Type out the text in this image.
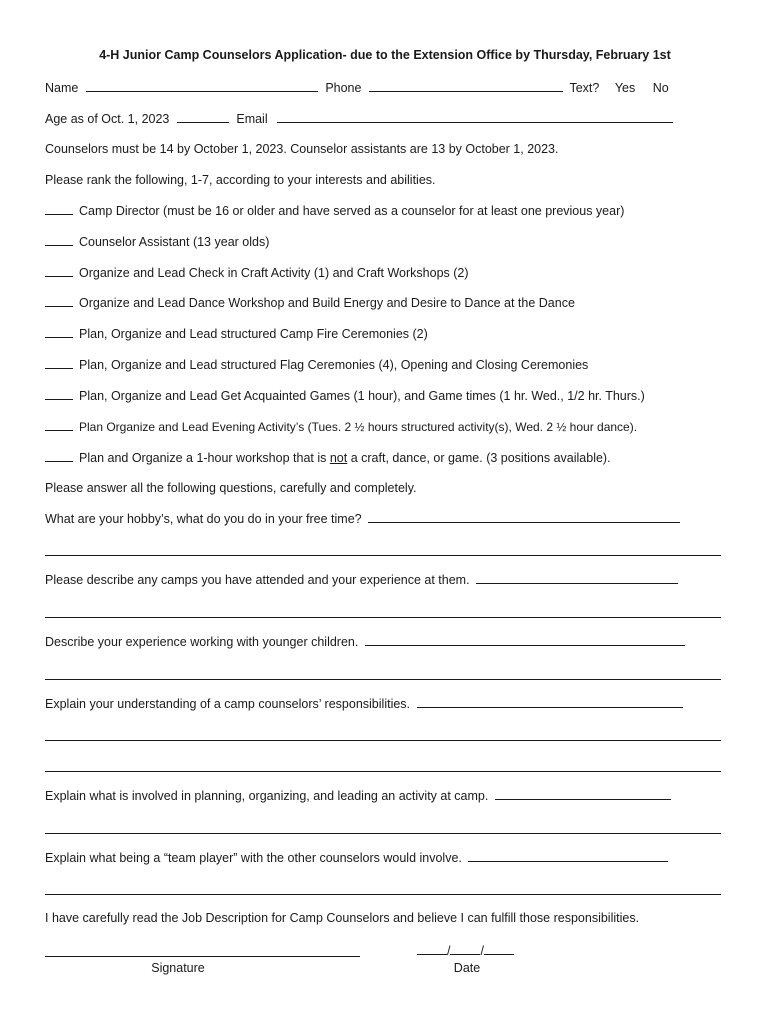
4-H Junior Camp Counselors Application- due to the Extension Office by Thursday, February 1st
Name	Phone	Text? Yes No
Age as of Oct. 1, 2023	Email
Counselors must be 14 by October 1, 2023. Counselor assistants are 13 by October 1, 2023.
Please rank the following, 1-7, according to your interests and abilities.
Camp Director (must be 16 or older and have served as a counselor for at least one previous year)
Counselor Assistant (13 year olds)
Organize and Lead Check in Craft Activity (1) and Craft Workshops (2)
Organize and Lead Dance Workshop and Build Energy and Desire to Dance at the Dance
Plan, Organize and Lead structured Camp Fire Ceremonies (2)
Plan, Organize and Lead structured Flag Ceremonies (4), Opening and Closing Ceremonies
Plan, Organize and Lead Get Acquainted Games (1 hour), and Game times (1 hr. Wed., 1/2 hr. Thurs.)
Plan Organize and Lead Evening Activity’s (Tues. 2 ½ hours structured activity(s), Wed. 2 ½ hour dance).
Plan and Organize a 1-hour workshop that is not a craft, dance, or game. (3 positions available).
Please answer all the following questions, carefully and completely.
What are your hobby’s, what do you do in your free time?
Please describe any camps you have attended and your experience at them.
Describe your experience working with younger children.
Explain your understanding of a camp counselors’ responsibilities.
Explain what is involved in planning, organizing, and leading an activity at camp.
Explain what being a “team player” with the other counselors would involve.
I have carefully read the Job Description for Camp Counselors and believe I can fulfill those responsibilities.
Signature
/ /
Date
